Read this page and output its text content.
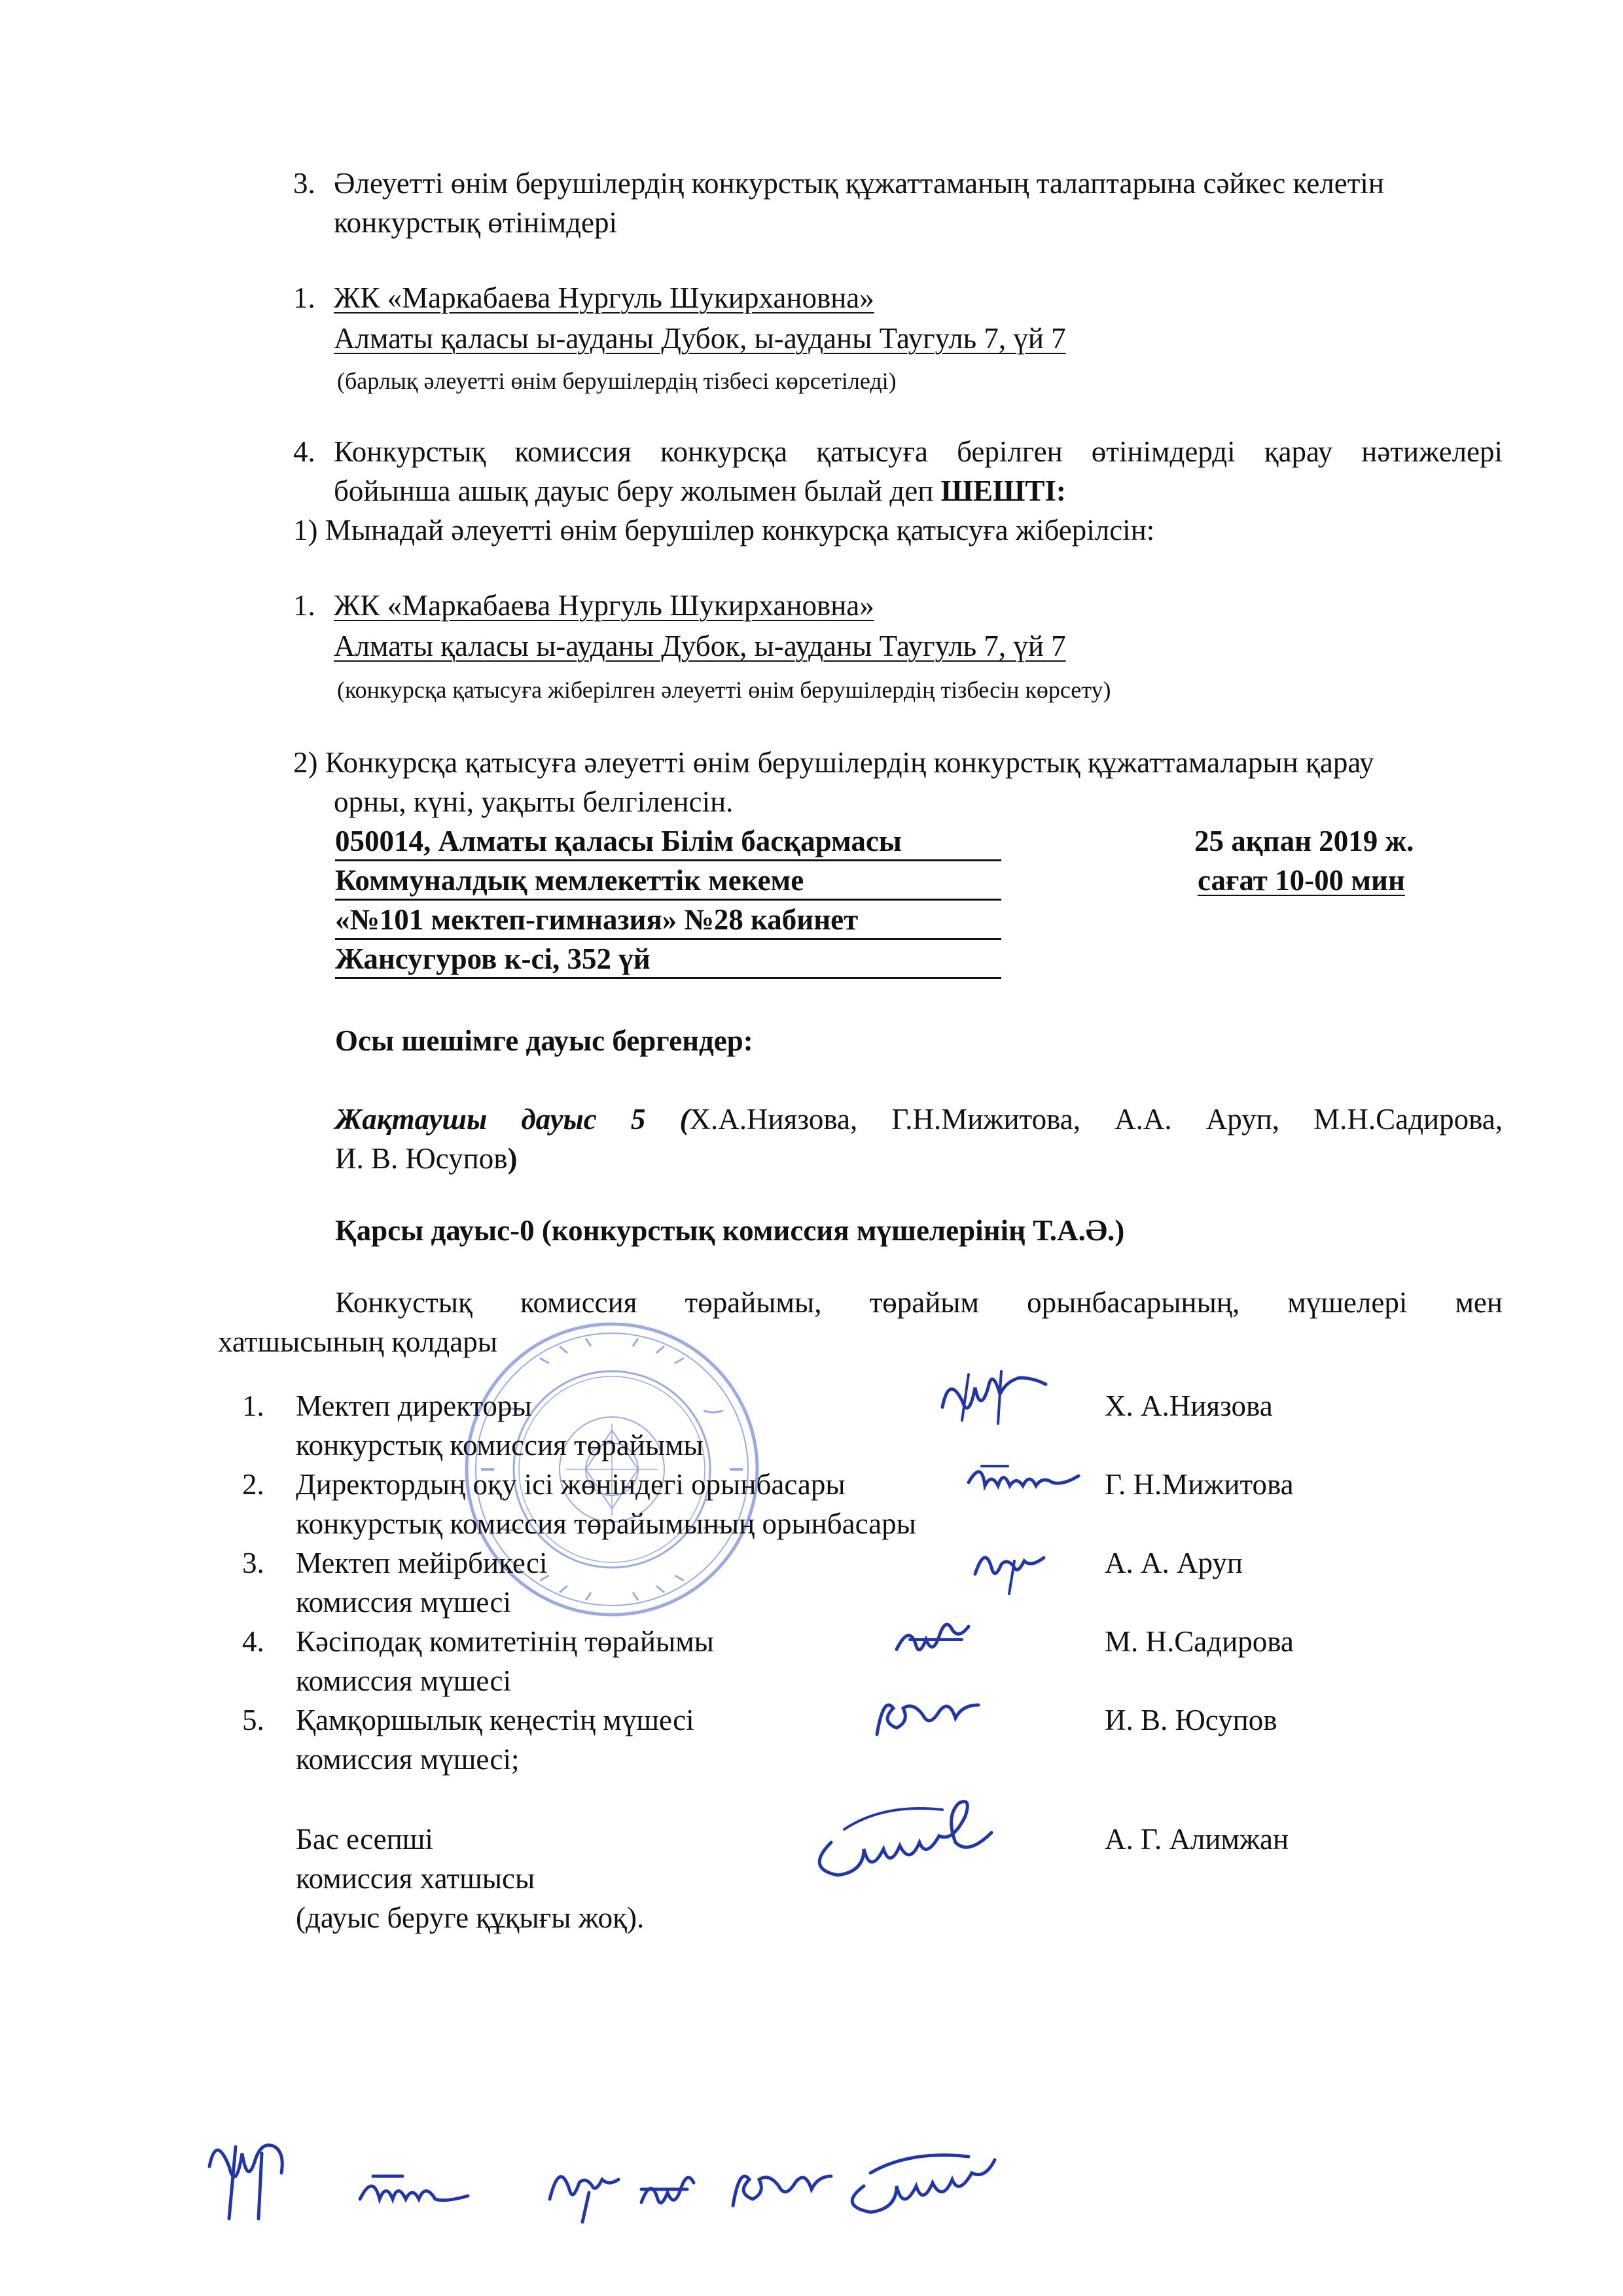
3. Әлеуетті өнім берушілердің конкурстық құжаттаманың талаптарына сәйкес келетін
конкурстық өтінімдері
1. ЖК «Маркабаева Нургуль Шукирхановна»
Алматы қаласы ы-ауданы Дубок, ы-ауданы Таугуль 7, үй 7
(барлық әлеуетті өнім берушілердің тізбесі көрсетіледі)
4. Конкурстық комиссия конкурсқа қатысуға берілген өтінімдерді қарау нәтижелері
бойынша ашық дауыс беру жолымен былай деп ШЕШТІ:
1) Мынадай әлеуетті өнім берушілер конкурсқа қатысуға жіберілсін:
1. ЖК «Маркабаева Нургуль Шукирхановна»
Алматы қаласы ы-ауданы Дубок, ы-ауданы Таугуль 7, үй 7
(конкурсқа қатысуға жіберілген әлеуетті өнім берушілердің тізбесін көрсету)
2) Конкурсқа қатысуға әлеуетті өнім берушілердің конкурстық құжаттамаларын қарау
орны, күні, уақыты белгіленсін.
050014, Алматы қаласы Білім басқармасы
Коммуналдық мемлекеттік мекеме
«№101 мектеп-гимназия» №28 кабинет
Жансугуров к-сі, 352 үй
25 ақпан 2019 ж.
сағат 10-00 мин
Осы шешімге дауыс бергендер:
Жақтаушы дауыс 5 (Х.А.Ниязова, Г.Н.Мижитова, А.А. Аруп, М.Н.Садирова,
И. В. Юсупов)
Қарсы дауыс-0 (конкурстық комиссия мүшелерінің Т.А.Ә.)
Конкустық комиссия төрайымы, төрайым орынбасарының, мүшелері мен
хатшысының қолдары
1. Мектеп директоры
конкурстық комиссия төрайымы
Х. А.Ниязова
2. Директордың оқу ісі жөніндегі орынбасары
конкурстық комиссия төрайымының орынбасары
Г. Н.Мижитова
3. Мектеп мейірбикесі
комиссия мүшесі
А. А. Аруп
4. Кәсіподақ комитетінің төрайымы
комиссия мүшесі
М. Н.Садирова
5. Қамқоршылық кеңестің мүшесі
комиссия мүшесі;
И. В. Юсупов
Бас есепші
комиссия хатшысы
(дауыс беруге құқығы жоқ).
А. Г. Алимжан
